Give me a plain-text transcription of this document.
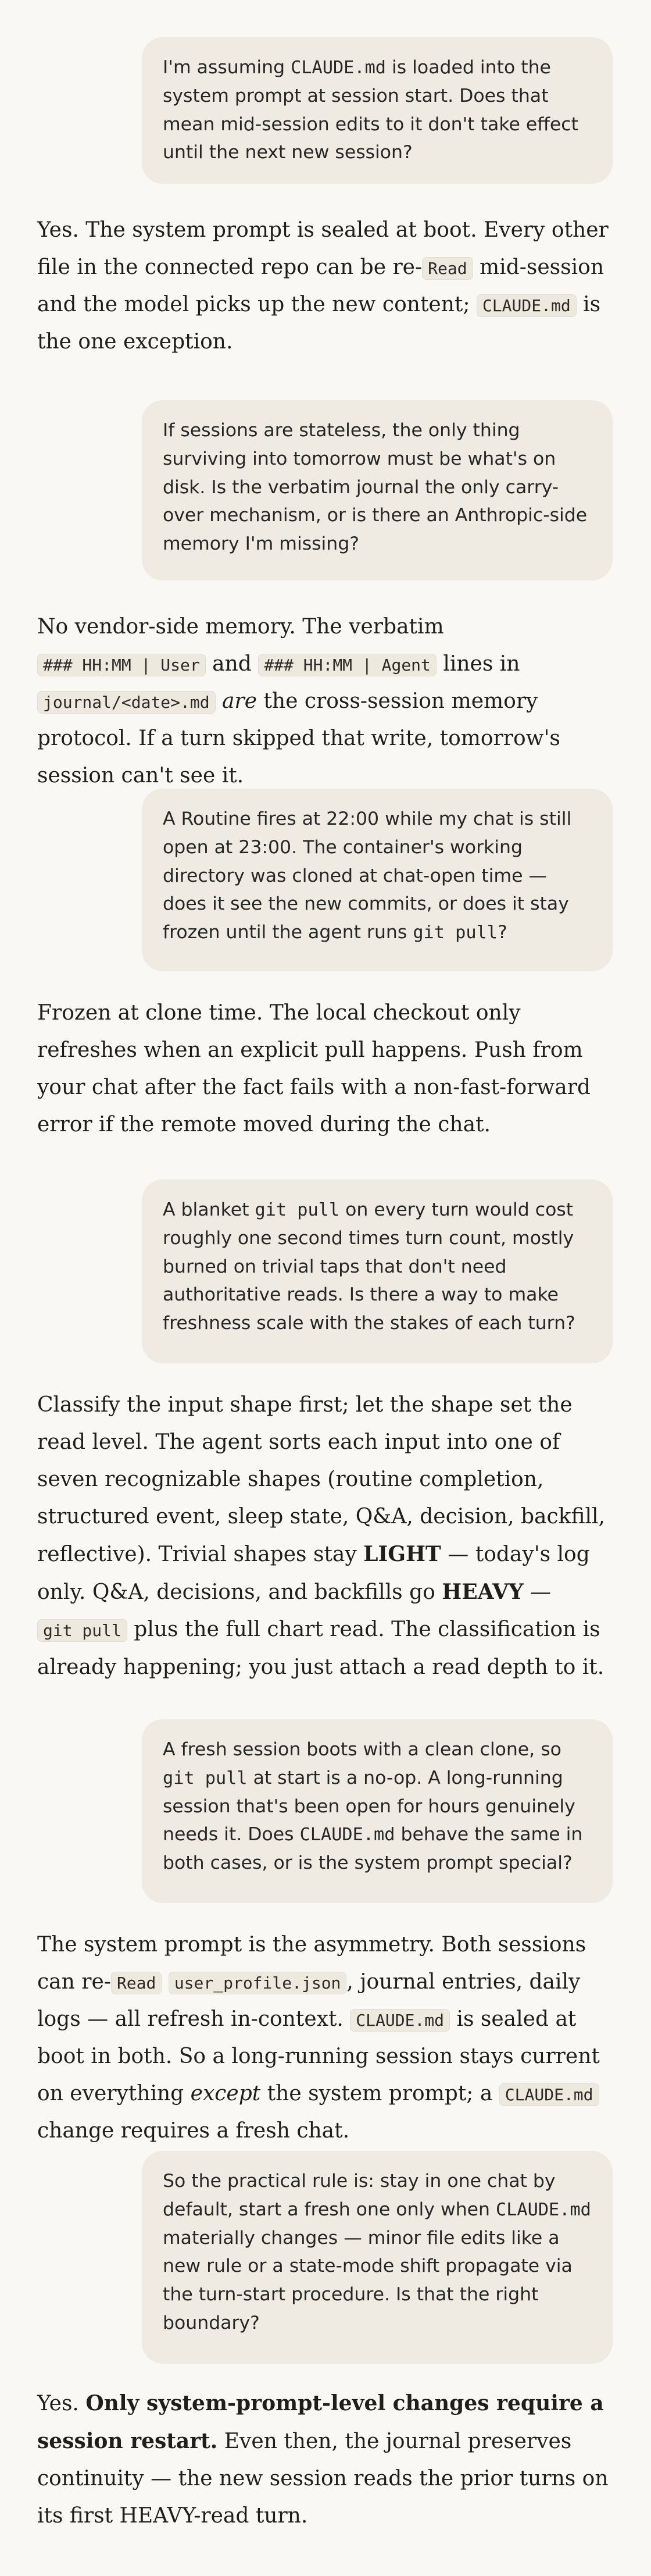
I'm assuming CLAUDE.md is loaded into the system prompt at session start. Does that mean mid-session edits to it don't take effect until the next new session?
Yes. The system prompt is sealed at boot. Every other file in the connected repo can be re- Read mid-session and the model picks up the new content; CLAUDE.md is the one exception.
If sessions are stateless, the only thing surviving into tomorrow must be what's on disk. Is the verbatim journal the only carry-over mechanism, or is there an Anthropic-side memory I'm missing?
No vendor-side memory. The verbatim ### HH:MM | User and ### HH:MM | Agent lines in journal/<date>.md are the cross-session memory protocol. If a turn skipped that write, tomorrow's session can't see it.
A Routine fires at 22:00 while my chat is still open at 23:00. The container's working directory was cloned at chat-open time — does it see the new commits, or does it stay frozen until the agent runs git pull?
Frozen at clone time. The local checkout only refreshes when an explicit pull happens. Push from your chat after the fact fails with a non-fast-forward error if the remote moved during the chat.
A blanket git pull on every turn would cost roughly one second times turn count, mostly burned on trivial taps that don't need authoritative reads. Is there a way to make freshness scale with the stakes of each turn?
Classify the input shape first; let the shape set the read level. The agent sorts each input into one of seven recognizable shapes (routine completion, structured event, sleep state, Q&A, decision, backfill, reflective). Trivial shapes stay LIGHT — today's log only. Q&A, decisions, and backfills go HEAVY — git pull plus the full chart read. The classification is already happening; you just attach a read depth to it.
A fresh session boots with a clean clone, so git pull at start is a no-op. A long-running session that's been open for hours genuinely needs it. Does CLAUDE.md behave the same in both cases, or is the system prompt special?
The system prompt is the asymmetry. Both sessions can re- Read user_profile.json , journal entries, daily logs — all refresh in-context. CLAUDE.md is sealed at boot in both. So a long-running session stays current on everything except the system prompt; a CLAUDE.md change requires a fresh chat.
So the practical rule is: stay in one chat by default, start a fresh one only when CLAUDE.md materially changes — minor file edits like a new rule or a state-mode shift propagate via the turn-start procedure. Is that the right boundary?
Yes. Only system-prompt-level changes require a session restart. Even then, the journal preserves continuity — the new session reads the prior turns on its first HEAVY-read turn.
